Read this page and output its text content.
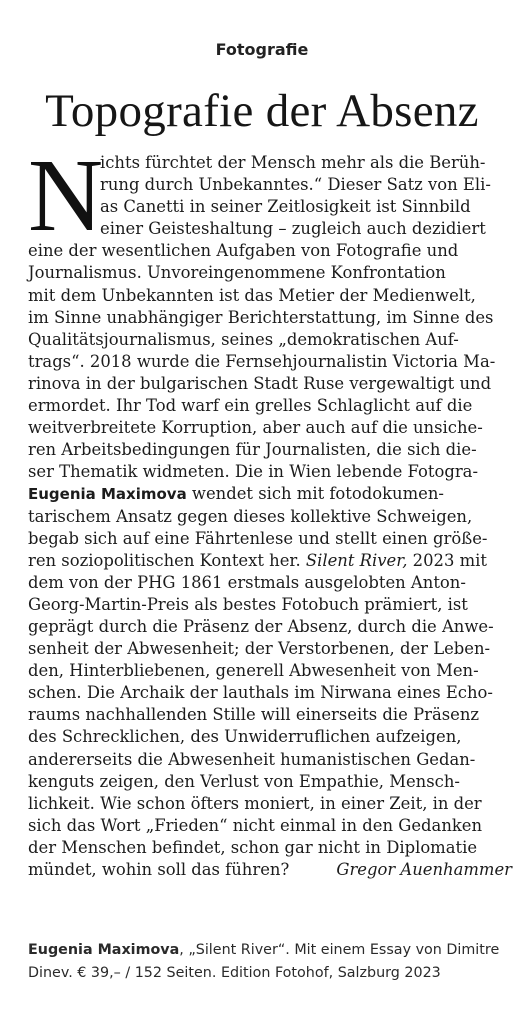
Fotografie
Topografie der Absenz
N
ichts fürchtet der Mensch mehr als die Berüh-
rung durch Unbekanntes.“ Dieser Satz von Eli-
as Canetti in seiner Zeitlosigkeit ist Sinnbild
einer Geisteshaltung – zugleich auch dezidiert
eine der wesentlichen Aufgaben von Fotografie und
Journalismus. Unvoreingenommene Konfrontation
mit dem Unbekannten ist das Metier der Medienwelt,
im Sinne unabhängiger Berichterstattung, im Sinne des
Qualitätsjournalismus, seines „demokratischen Auf-
trags“. 2018 wurde die Fernsehjournalistin Victoria Ma-
rinova in der bulgarischen Stadt Ruse vergewaltigt und
ermordet. Ihr Tod warf ein grelles Schlaglicht auf die
weitverbreitete Korruption, aber auch auf die unsiche-
ren Arbeitsbedingungen für Journalisten, die sich die-
ser Thematik widmeten. Die in Wien lebende Fotogra-
Eugenia Maximova wendet sich mit fotodokumen-
tarischem Ansatz gegen dieses kollektive Schweigen,
begab sich auf eine Fährtenlese und stellt einen größe-
ren soziopolitischen Kontext her. Silent River, 2023 mit
dem von der PHG 1861 erstmals ausgelobten Anton-
Georg-Martin-Preis als bestes Fotobuch prämiert, ist
geprägt durch die Präsenz der Absenz, durch die Anwe-
senheit der Abwesenheit; der Verstorbenen, der Leben-
den, Hinterbliebenen, generell Abwesenheit von Men-
schen. Die Archaik der lauthals im Nirwana eines Echo-
raums nachhallenden Stille will einerseits die Präsenz
des Schrecklichen, des Unwiderruflichen aufzeigen,
andererseits die Abwesenheit humanistischen Gedan-
kenguts zeigen, den Verlust von Empathie, Mensch-
lichkeit. Wie schon öfters moniert, in einer Zeit, in der
sich das Wort „Frieden“ nicht einmal in den Gedanken
der Menschen befindet, schon gar nicht in Diplomatie
mündet, wohin soll das führen?	Gregor Auenhammer
Eugenia Maximova, „Silent River“. Mit einem Essay von Dimitre
Dinev. € 39,– / 152 Seiten. Edition Fotohof, Salzburg 2023
